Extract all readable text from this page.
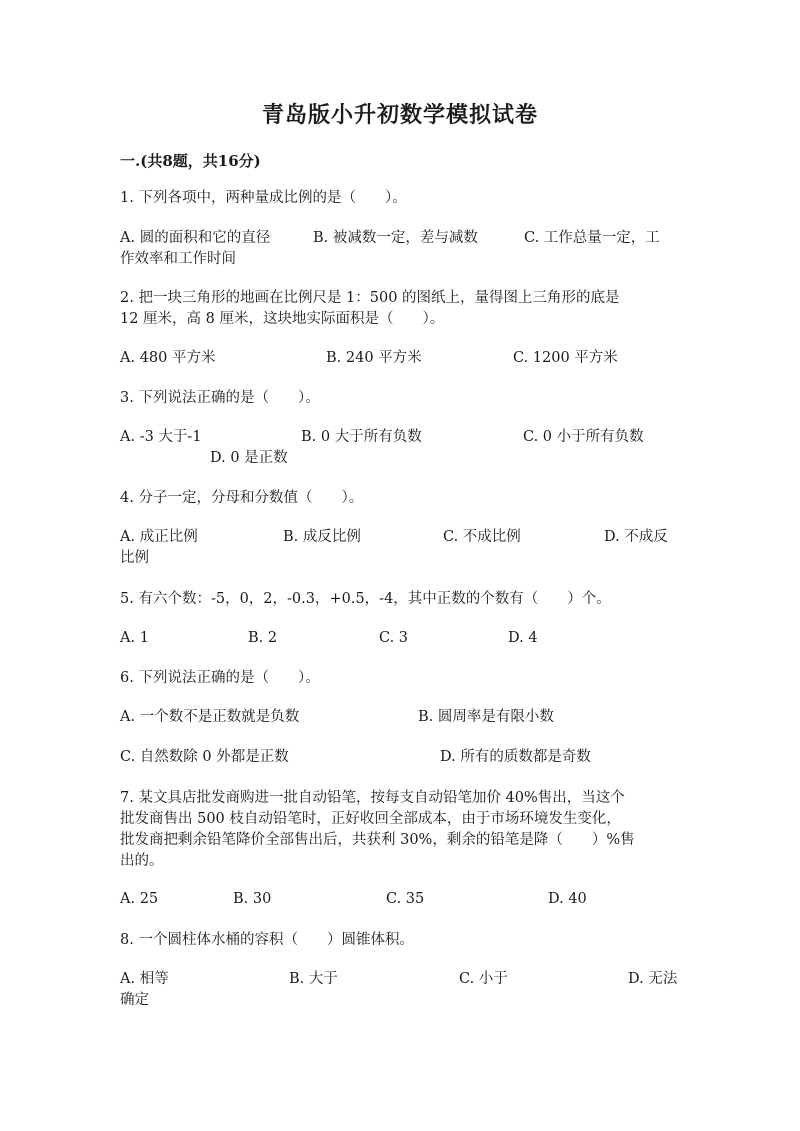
青岛版小升初数学模拟试卷
一.(共8题，共16分)
1. 下列各项中，两种量成比例的是（　　）。
A. 圆的面积和它的直径	B. 被减数一定，差与减数	C. 工作总量一定，工
作效率和工作时间
2. 把一块三角形的地画在比例尺是 1：500 的图纸上，量得图上三角形的底是
12 厘米，高 8 厘米，这块地实际面积是（　　）。
A. 480 平方米	B. 240 平方米	C. 1200 平方米
3. 下列说法正确的是（　　）。
A. -3 大于-1	B. 0 大于所有负数	C. 0 小于所有负数
D. 0 是正数
4. 分子一定，分母和分数值（　　）。
A. 成正比例	B. 成反比例	C. 不成比例	D. 不成反
比例
5. 有六个数：-5，0，2，-0.3，+0.5，-4，其中正数的个数有（　　）个。
A. 1	B. 2	C. 3	D. 4
6. 下列说法正确的是（　　）。
A. 一个数不是正数就是负数	B. 圆周率是有限小数
C. 自然数除 0 外都是正数	D. 所有的质数都是奇数
7. 某文具店批发商购进一批自动铅笔，按每支自动铅笔加价 40%售出，当这个
批发商售出 500 枝自动铅笔时，正好收回全部成本，由于市场环境发生变化，
批发商把剩余铅笔降价全部售出后，共获利 30%，剩余的铅笔是降（　　）%售
出的。
A. 25	B. 30	C. 35	D. 40
8. 一个圆柱体水桶的容积（　　）圆锥体积。
A. 相等	B. 大于	C. 小于	D. 无法
确定
